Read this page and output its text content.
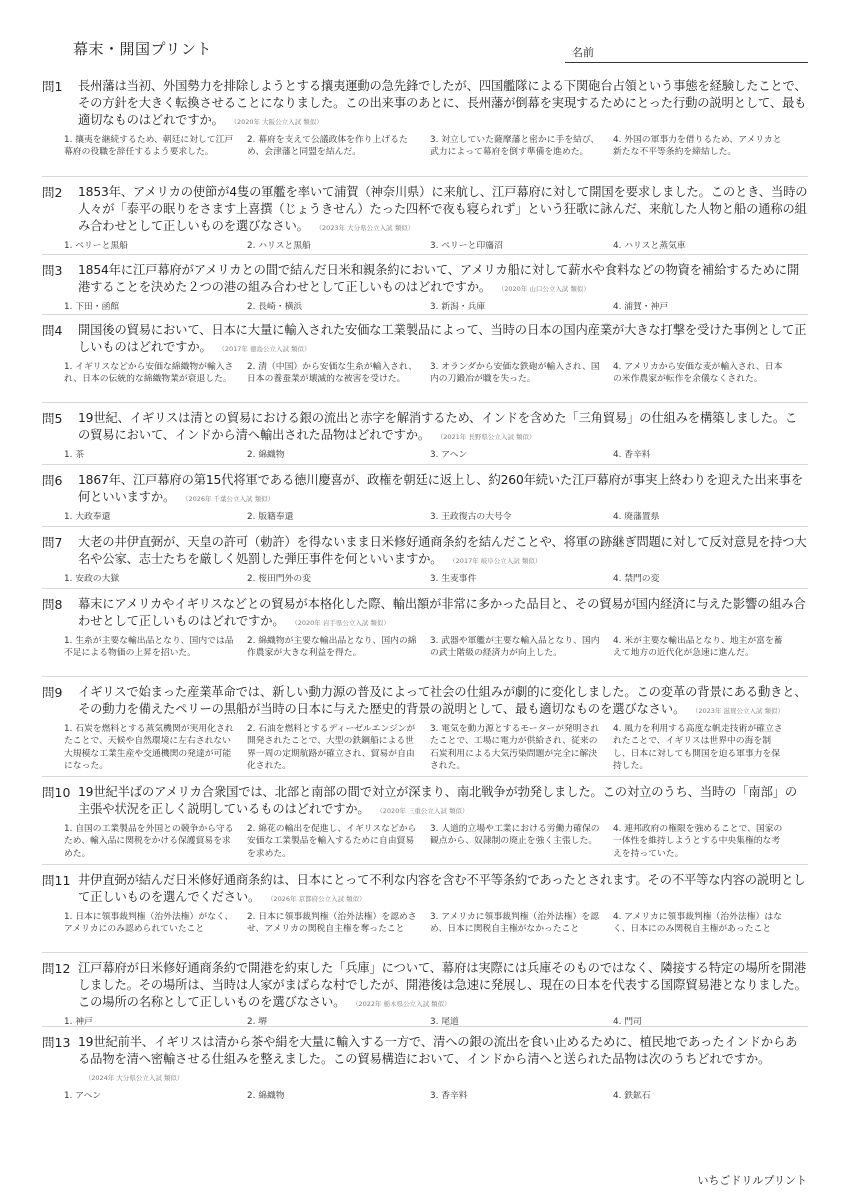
幕末・開国プリント	名前
問1	長州藩は当初、外国勢力を排除しようとする攘夷運動の急先鋒でしたが、四国艦隊による下関砲台占領という事態を経験したことで、その方針を大きく転換させることになりました。この出来事のあとに、長州藩が倒幕を実現するためにとった行動の説明として、最も適切なものはどれですか。 （2020年 大阪公立入試 類似）
1. 攘夷を継続するため、朝廷に対して江戸幕府の役職を辞任するよう要求した。
2. 幕府を支えて公議政体を作り上げるため、会津藩と同盟を結んだ。
3. 対立していた薩摩藩と密かに手を結び、武力によって幕府を倒す準備を進めた。
4. 外国の軍事力を借りるため、アメリカと新たな不平等条約を締結した。
問2	1853年、アメリカの使節が4隻の軍艦を率いて浦賀（神奈川県）に来航し、江戸幕府に対して開国を要求しました。このとき、当時の人々が「泰平の眠りをさます上喜撰（じょうきせん）たった四杯で夜も寝られず」という狂歌に詠んだ、来航した人物と船の通称の組み合わせとして正しいものを選びなさい。 （2023年 大分県公立入試 類似）
1. ペリーと黒船	2. ハリスと黒船	3. ペリーと印旛沼	4. ハリスと蒸気車
問3	1854年に江戸幕府がアメリカとの間で結んだ日米和親条約において、アメリカ船に対して薪水や食料などの物資を補給するために開港することを決めた２つの港の組み合わせとして正しいものはどれですか。 （2020年 山口公立入試 類似）
1. 下田・函館	2. 長崎・横浜	3. 新潟・兵庫	4. 浦賀・神戸
問4	開国後の貿易において、日本に大量に輸入された安価な工業製品によって、当時の日本の国内産業が大きな打撃を受けた事例として正しいものはどれですか。 （2017年 徳島公立入試 類似）
1. イギリスなどから安価な綿織物が輸入され、日本の伝統的な綿織物業が衰退した。
2. 清（中国）から安価な生糸が輸入され、日本の養蚕業が壊滅的な被害を受けた。
3. オランダから安価な鉄砲が輸入され、国内の刀鍛冶が職を失った。
4. アメリカから安価な麦が輸入され、日本の米作農家が転作を余儀なくされた。
問5	19世紀、イギリスは清との貿易における銀の流出と赤字を解消するため、インドを含めた「三角貿易」の仕組みを構築しました。この貿易において、インドから清へ輸出された品物はどれですか。 （2021年 長野県公立入試 類似）
1. 茶	2. 綿織物	3. アヘン	4. 香辛料
問6	1867年、江戸幕府の第15代将軍である徳川慶喜が、政権を朝廷に返上し、約260年続いた江戸幕府が事実上終わりを迎えた出来事を何といいますか。 （2026年 千葉公立入試 類似）
1. 大政奉還	2. 版籍奉還	3. 王政復古の大号令	4. 廃藩置県
問7	大老の井伊直弼が、天皇の許可（勅許）を得ないまま日米修好通商条約を結んだことや、将軍の跡継ぎ問題に対して反対意見を持つ大名や公家、志士たちを厳しく処罰した弾圧事件を何といいますか。 （2017年 岐阜公立入試 類似）
1. 安政の大獄	2. 桜田門外の変	3. 生麦事件	4. 禁門の変
問8	幕末にアメリカやイギリスなどとの貿易が本格化した際、輸出額が非常に多かった品目と、その貿易が国内経済に与えた影響の組み合わせとして正しいものはどれですか。 （2020年 岩手県公立入試 類似）
1. 生糸が主要な輸出品となり、国内では品不足による物価の上昇を招いた。
2. 綿織物が主要な輸出品となり、国内の綿作農家が大きな利益を得た。
3. 武器や軍艦が主要な輸入品となり、国内の武士階級の経済力が向上した。
4. 米が主要な輸出品となり、地主が富を蓄えて地方の近代化が急速に進んだ。
問9	イギリスで始まった産業革命では、新しい動力源の普及によって社会の仕組みが劇的に変化しました。この変革の背景にある動きと、その動力を備えたペリーの黒船が当時の日本に与えた歴史的背景の説明として、最も適切なものを選びなさい。 （2023年 滋賀公立入試 類似）
1. 石炭を燃料とする蒸気機関が実用化されたことで、天候や自然環境に左右されない大規模な工業生産や交通機関の発達が可能になった。
2. 石油を燃料とするディーゼルエンジンが開発されたことで、大型の鉄鋼船による世界一周の定期航路が確立され、貿易が自由化された。
3. 電気を動力源とするモーターが発明されたことで、工場に電力が供給され、従来の石炭利用による大気汚染問題が完全に解決された。
4. 風力を利用する高度な帆走技術が確立されたことで、イギリスは世界中の海を制し、日本に対しても開国を迫る軍事力を保持した。
問10 19世紀半ばのアメリカ合衆国では、北部と南部の間で対立が深まり、南北戦争が勃発しました。この対立のうち、当時の「南部」の主張や状況を正しく説明しているものはどれですか。 （2020年 三重公立入試 類似）
1. 自国の工業製品を外国との競争から守るため、輸入品に関税をかける保護貿易を求めた。
2. 綿花の輸出を促進し、イギリスなどから安価な工業製品を輸入するために自由貿易を求めた。
3. 人道的立場や工業における労働力確保の観点から、奴隷制の廃止を強く主張した。
4. 連邦政府の権限を強めることで、国家の一体性を維持しようとする中央集権的な考えを持っていた。
問11 井伊直弼が結んだ日米修好通商条約は、日本にとって不利な内容を含む不平等条約であったとされます。その不平等な内容の説明として正しいものを選んでください。 （2026年 京都府公立入試 類似）
1. 日本に領事裁判権（治外法権）がなく、アメリカにのみ認められていたこと
2. 日本に領事裁判権（治外法権）を認めさせ、アメリカの関税自主権を奪ったこと
3. アメリカに領事裁判権（治外法権）を認め、日本に関税自主権がなかったこと
4. アメリカに領事裁判権（治外法権）はなく、日本にのみ関税自主権があったこと
問12 江戸幕府が日米修好通商条約で開港を約束した「兵庫」について、幕府は実際には兵庫そのものではなく、隣接する特定の場所を開港しました。その場所は、当時は人家がまばらな村でしたが、開港後は急速に発展し、現在の日本を代表する国際貿易港となりました。この場所の名称として正しいものを選びなさい。 （2022年 栃木県公立入試 類似）
1. 神戸	2. 堺	3. 尾道	4. 門司
問13 19世紀前半、イギリスは清から茶や絹を大量に輸入する一方で、清への銀の流出を食い止めるために、植民地であったインドからある品物を清へ密輸させる仕組みを整えました。この貿易構造において、インドから清へと送られた品物は次のうちどれですか。（2024年 大分県公立入試 類似）
1. アヘン	2. 綿織物	3. 香辛料	4. 鉄鉱石
いちごドリルプリント
